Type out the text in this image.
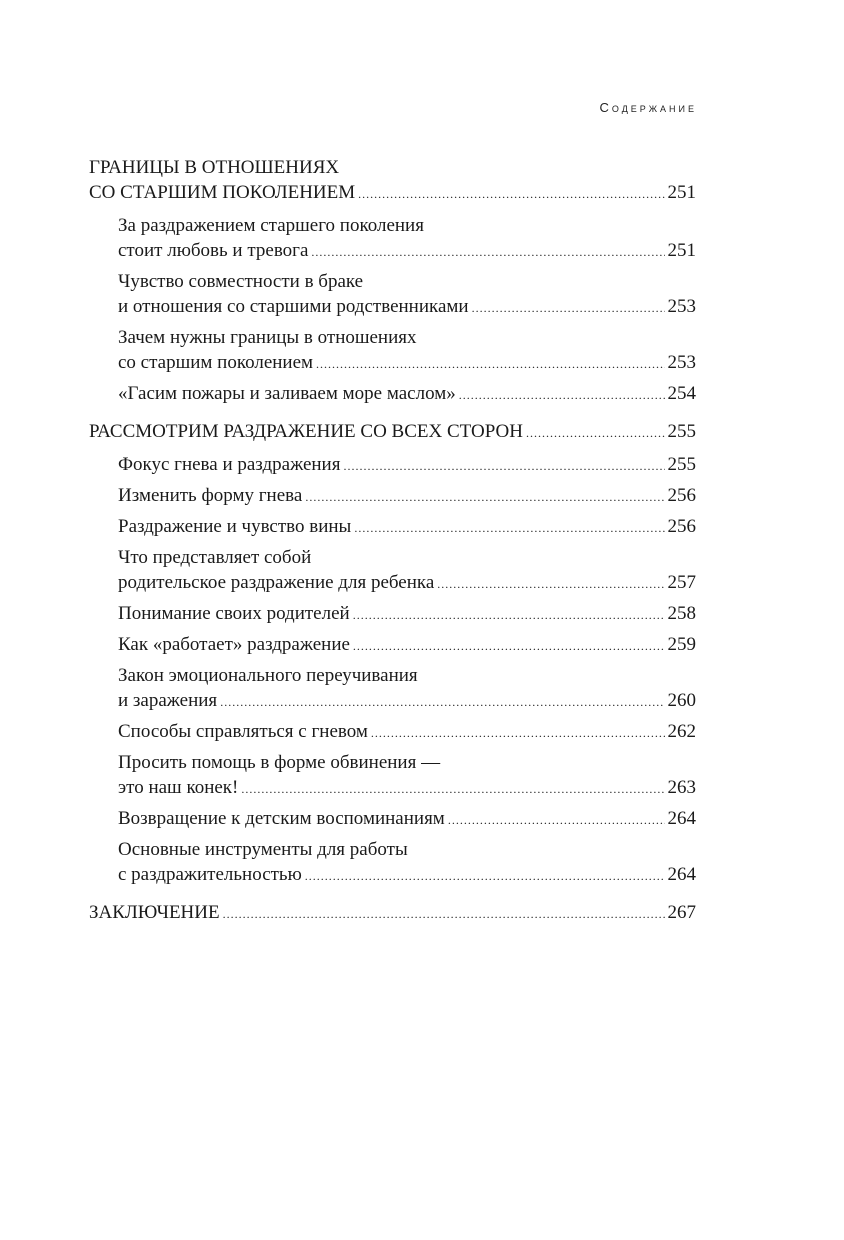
Содержание
ГРАНИЦЫ В ОТНОШЕНИЯХ
СО СТАРШИМ ПОКОЛЕНИЕМ .....	251
За раздражением старшего поколения
стоит любовь и тревога .....	251
Чувство совместности в браке
и отношения со старшими родственниками .....	253
Зачем нужны границы в отношениях
со старшим поколением .....	253
«Гасим пожары и заливаем море маслом» .....	254
РАССМОТРИМ РАЗДРАЖЕНИЕ СО ВСЕХ СТОРОН .....	255
Фокус гнева и раздражения .....	255
Изменить форму гнева .....	256
Раздражение и чувство вины .....	256
Что представляет собой
родительское раздражение для ребенка .....	257
Понимание своих родителей .....	258
Как «работает» раздражение .....	259
Закон эмоционального переучивания
и заражения .....	260
Способы справляться с гневом .....	262
Просить помощь в форме обвинения —
это наш конек! .....	263
Возвращение к детским воспоминаниям .....	264
Основные инструменты для работы
с раздражительностью .....	264
ЗАКЛЮЧЕНИЕ .....	267
